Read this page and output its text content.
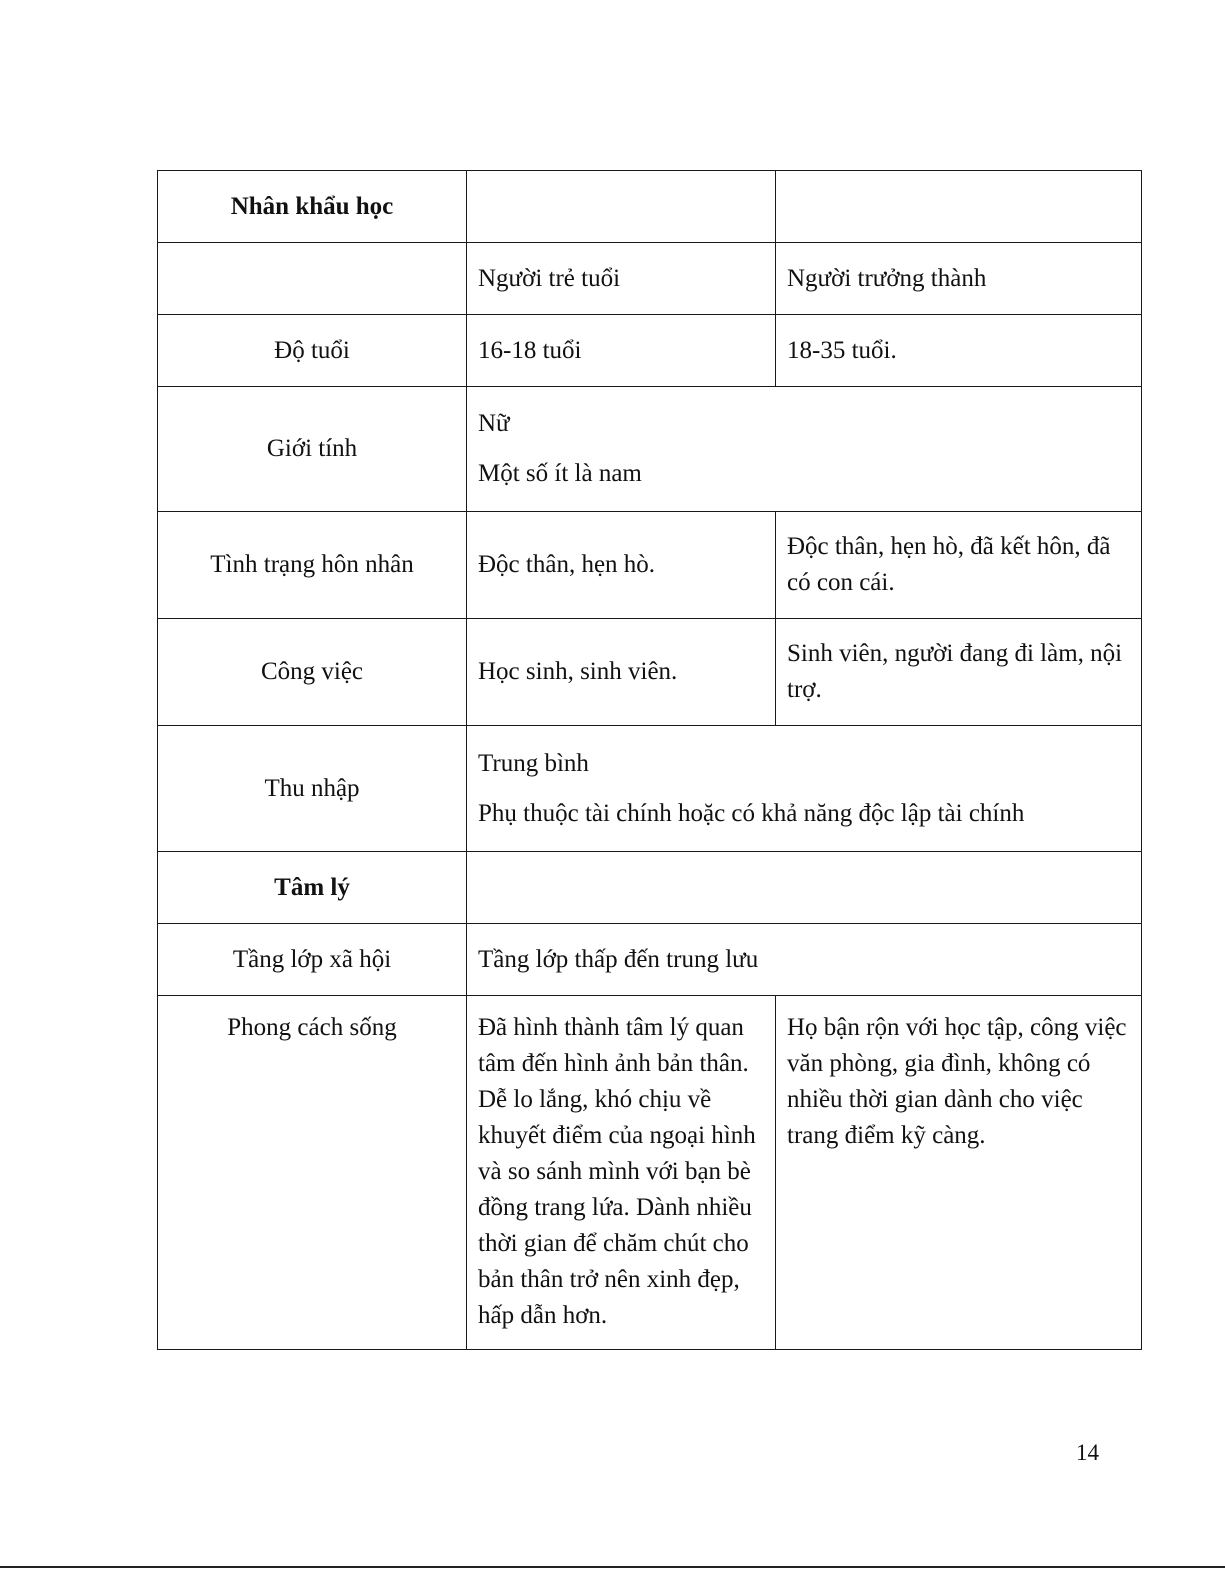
Nhân khẩu học		
	Người trẻ tuổi	Người trưởng thành
Độ tuổi	16-18 tuổi	18-35 tuổi.
Giới tính	Nữ
Một số ít là nam	

Tình trạng hôn nhân	Độc thân, hẹn hò.	Độc thân, hẹn hò, đã kết hôn, đã có con cái.
Công việc	Học sinh, sinh viên.	Sinh viên, người đang đi làm, nội trợ.
Thu nhập	Trung bình
Phụ thuộc tài chính hoặc có khả năng độc lập tài chính	

Tâm lý		
Tầng lớp xã hội	Tầng lớp thấp đến trung lưu	
Phong cách sống	Đã hình thành tâm lý quan tâm đến hình ảnh bản thân. Dễ lo lắng, khó chịu về khuyết điểm của ngoại hình và so sánh mình với bạn bè đồng trang lứa. Dành nhiều thời gian để chăm chút cho bản thân trở nên xinh đẹp, hấp dẫn hơn.	Họ bận rộn với học tập, công việc văn phòng, gia đình, không có nhiều thời gian dành cho việc trang điểm kỹ càng.
14
